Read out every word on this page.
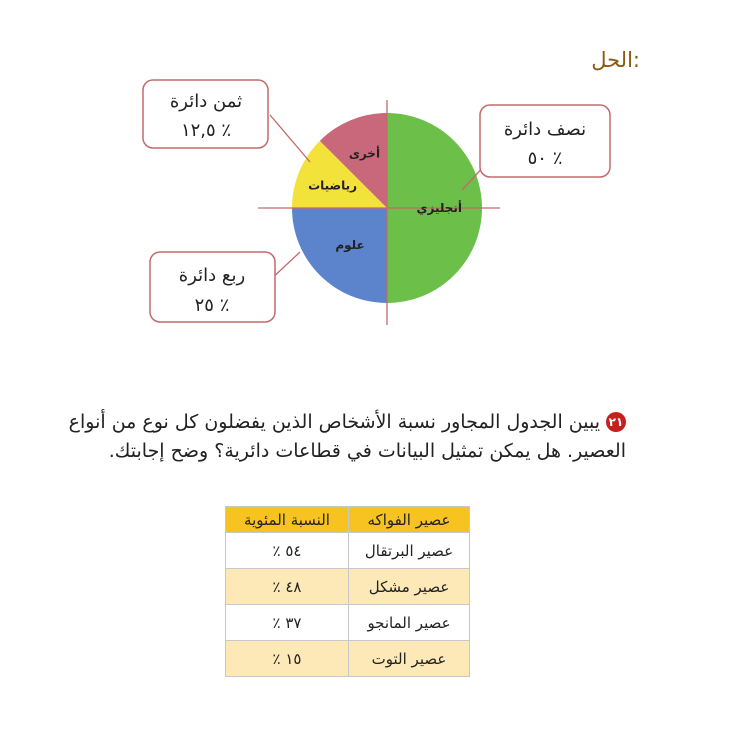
الحل:
أنجليزي
علوم
رياضيات
أخرى
ثمن دائرة
١٢,٥ ٪	نصف دائرة
٥٠ ٪
ربع دائرة
٢٥ ٪
٢١يبين الجدول المجاور نسبة الأشخاص الذين يفضلون كل نوع من أنواع العصير. هل يمكن تمثيل البيانات في قطاعات دائرية؟ وضح إجابتك.
عصير الفواكه	النسبة المئوية
عصير البرتقال	٥٤ ٪
عصير مشكل	٤٨ ٪
عصير المانجو	٣٧ ٪
عصير التوت	١٥ ٪
